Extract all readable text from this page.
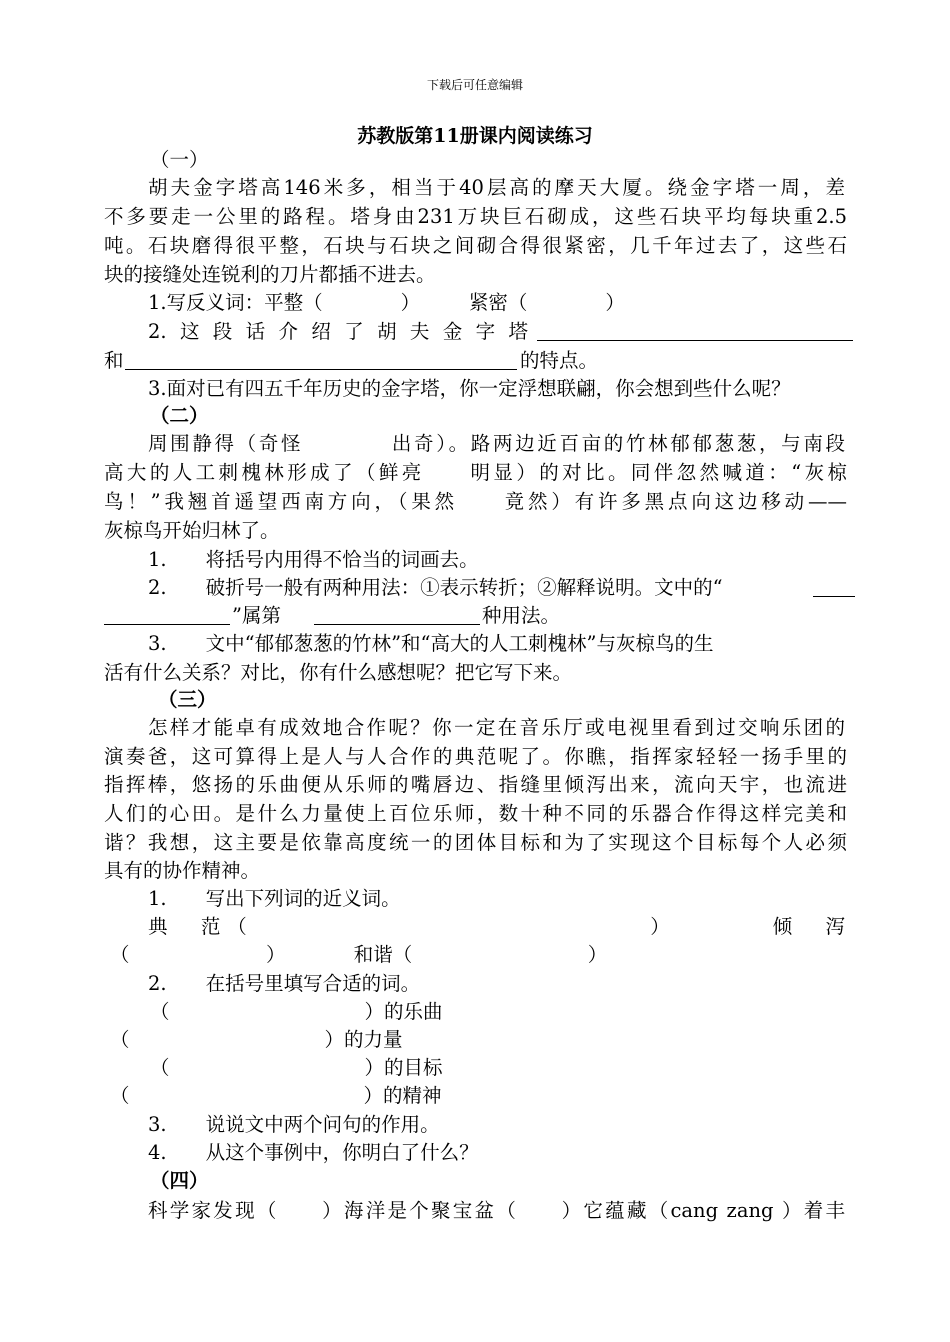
下载后可任意编辑
苏教版第11册课内阅读练习
（一）
胡夫金字塔高146米多，相当于40层高的摩天大厦。绕金字塔一周，差
不多要走一公里的路程。塔身由231万块巨石砌成，这些石块平均每块重2.5
吨。石块磨得很平整，石块与石块之间砌合得很紧密，几千年过去了，这些石
块的接缝处连锐利的刀片都插不进去。
1.写反义词：平整（　　　　）　　　紧密（　　　　）
2.这段话介绍了胡夫金字塔
和	的特点。
3.面对已有四五千年历史的金字塔，你一定浮想联翩，你会想到些什么呢？
（二）
周围静得（奇怪　　　　出奇）。路两边近百亩的竹林郁郁葱葱，与南段
高大的人工刺槐林形成了（鲜亮　　明显）的对比。同伴忽然喊道：“灰椋
鸟！”我翘首遥望西南方向，（果然　　竟然）有许多黑点向这边移动——
灰椋鸟开始归林了。
1.　　将括号内用得不恰当的词画去。
2.　　破折号一般有两种用法：①表示转折；②解释说明。文中的“
”属第	种用法。
3.　　文中“郁郁葱葱的竹林”和“高大的人工刺槐林”与灰椋鸟的生
活有什么关系？对比，你有什么感想呢？把它写下来。
（三）
怎样才能卓有成效地合作呢？你一定在音乐厅或电视里看到过交响乐团的
演奏爸，这可算得上是人与人合作的典范呢了。你瞧，指挥家轻轻一扬手里的
指挥棒，悠扬的乐曲便从乐师的嘴唇边、指缝里倾泻出来，流向天宇，也流进
人们的心田。是什么力量使上百位乐师，数十种不同的乐器合作得这样完美和
谐？我想，这主要是依靠高度统一的团体目标和为了实现这个目标每个人必须
具有的协作精神。
1.　　写出下列词的近义词。
典　范（　　　　　　　　　　　　　　　）　　　　倾　泻
（　　　　　　　）　　　　和谐（　　　　　　　　　）
2.　　在括号里填写合适的词。
（　　　　　　　　　　）的乐曲
（　　　　　　　　　　）的力量
（　　　　　　　　　　）的目标
（　　　　　　　　　　　　）的精神
3.　　说说文中两个问句的作用。
4.　　从这个事例中，你明白了什么？
（四）
科学家发现（　　）海洋是个聚宝盆（　　）它蕴藏（cang zang ）着丰
